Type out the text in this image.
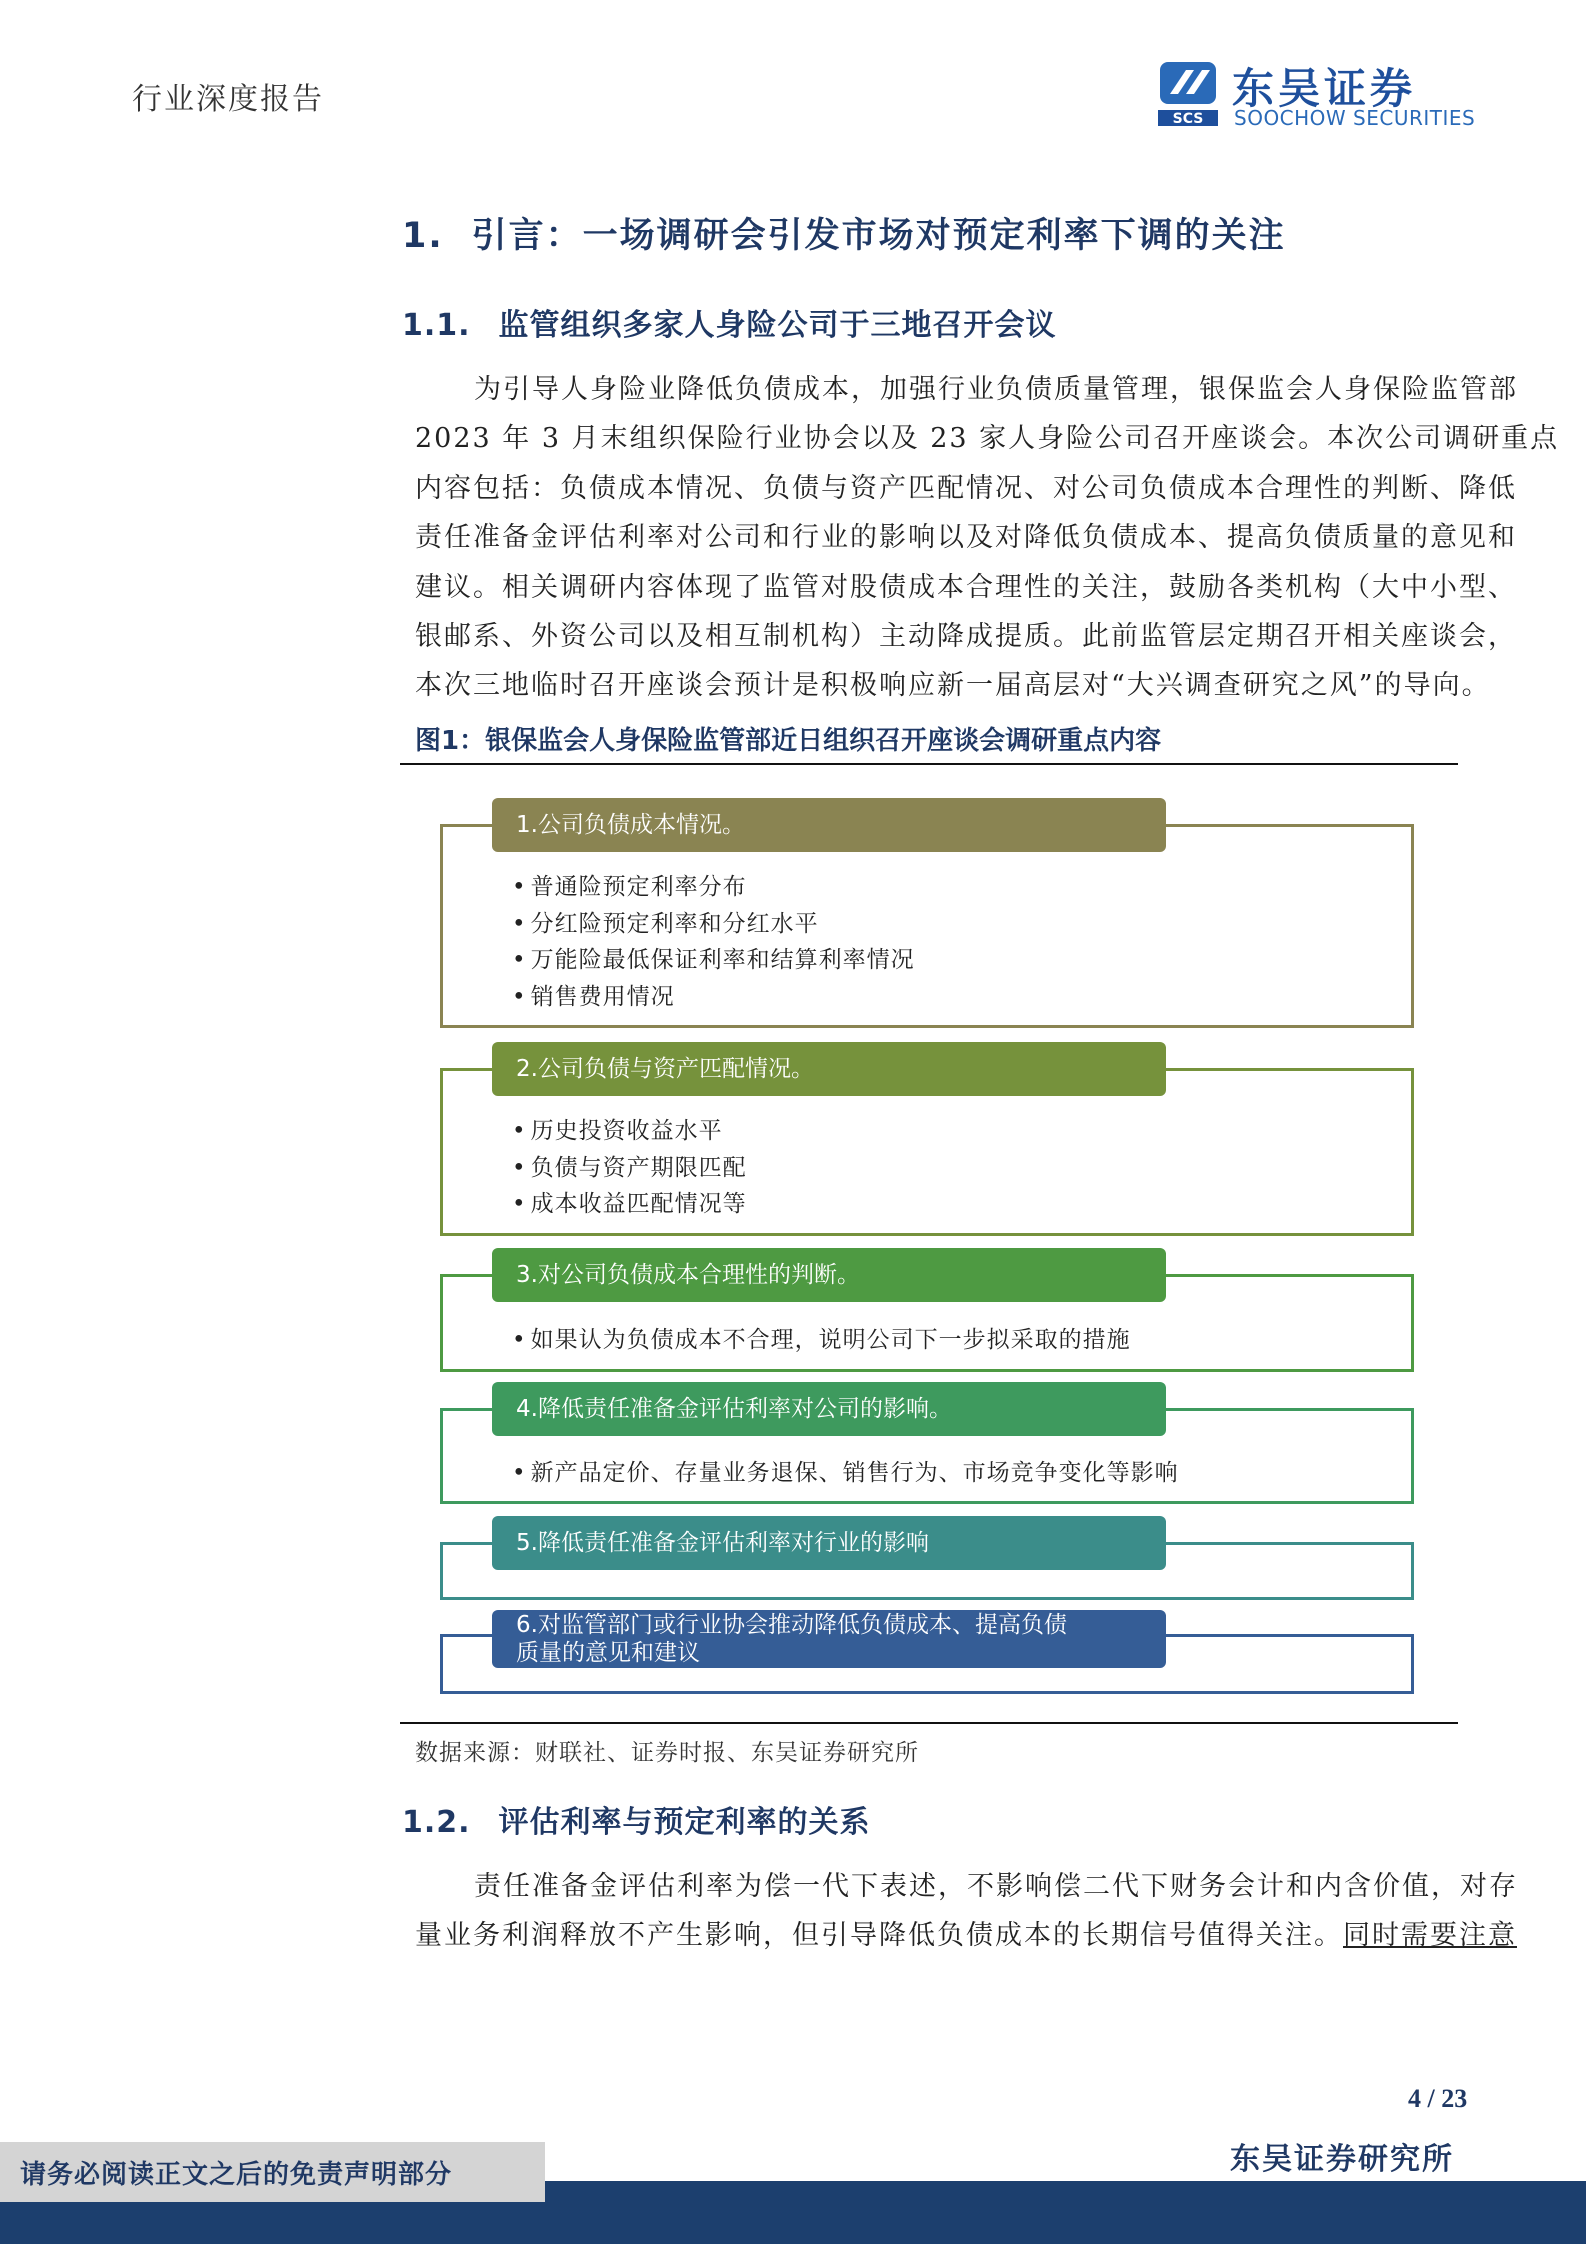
行业深度报告
SCS
东吴证券
SOOCHOW SECURITIES
1. 引言：一场调研会引发市场对预定利率下调的关注
1.1. 监管组织多家人身险公司于三地召开会议
为引导人身险业降低负债成本，加强行业负债质量管理，银保监会人身保险监管部
2023 年 3 月末组织保险行业协会以及 23 家人身险公司召开座谈会。本次公司调研重点
内容包括：负债成本情况、负债与资产匹配情况、对公司负债成本合理性的判断、降低
责任准备金评估利率对公司和行业的影响以及对降低负债成本、提高负债质量的意见和
建议。相关调研内容体现了监管对股债成本合理性的关注，鼓励各类机构（大中小型、
银邮系、外资公司以及相互制机构）主动降成提质。此前监管层定期召开相关座谈会，
本次三地临时召开座谈会预计是积极响应新一届高层对“大兴调查研究之风”的导向。
图1：银保监会人身保险监管部近日组织召开座谈会调研重点内容
1.公司负债成本情况。
• 普通险预定利率分布
• 分红险预定利率和分红水平
• 万能险最低保证利率和结算利率情况
• 销售费用情况
2.公司负债与资产匹配情况。
• 历史投资收益水平
• 负债与资产期限匹配
• 成本收益匹配情况等
3.对公司负债成本合理性的判断。
• 如果认为负债成本不合理，说明公司下一步拟采取的措施
4.降低责任准备金评估利率对公司的影响。
• 新产品定价、存量业务退保、销售行为、市场竞争变化等影响
5.降低责任准备金评估利率对行业的影响
6.对监管部门或行业协会推动降低负债成本、提高负债质量的意见和建议
数据来源：财联社、证券时报、东吴证券研究所
1.2. 评估利率与预定利率的关系
责任准备金评估利率为偿一代下表述，不影响偿二代下财务会计和内含价值，对存
量业务利润释放不产生影响，但引导降低负债成本的长期信号值得关注。同时需要注意
4 / 23
东吴证券研究所
请务必阅读正文之后的免责声明部分
